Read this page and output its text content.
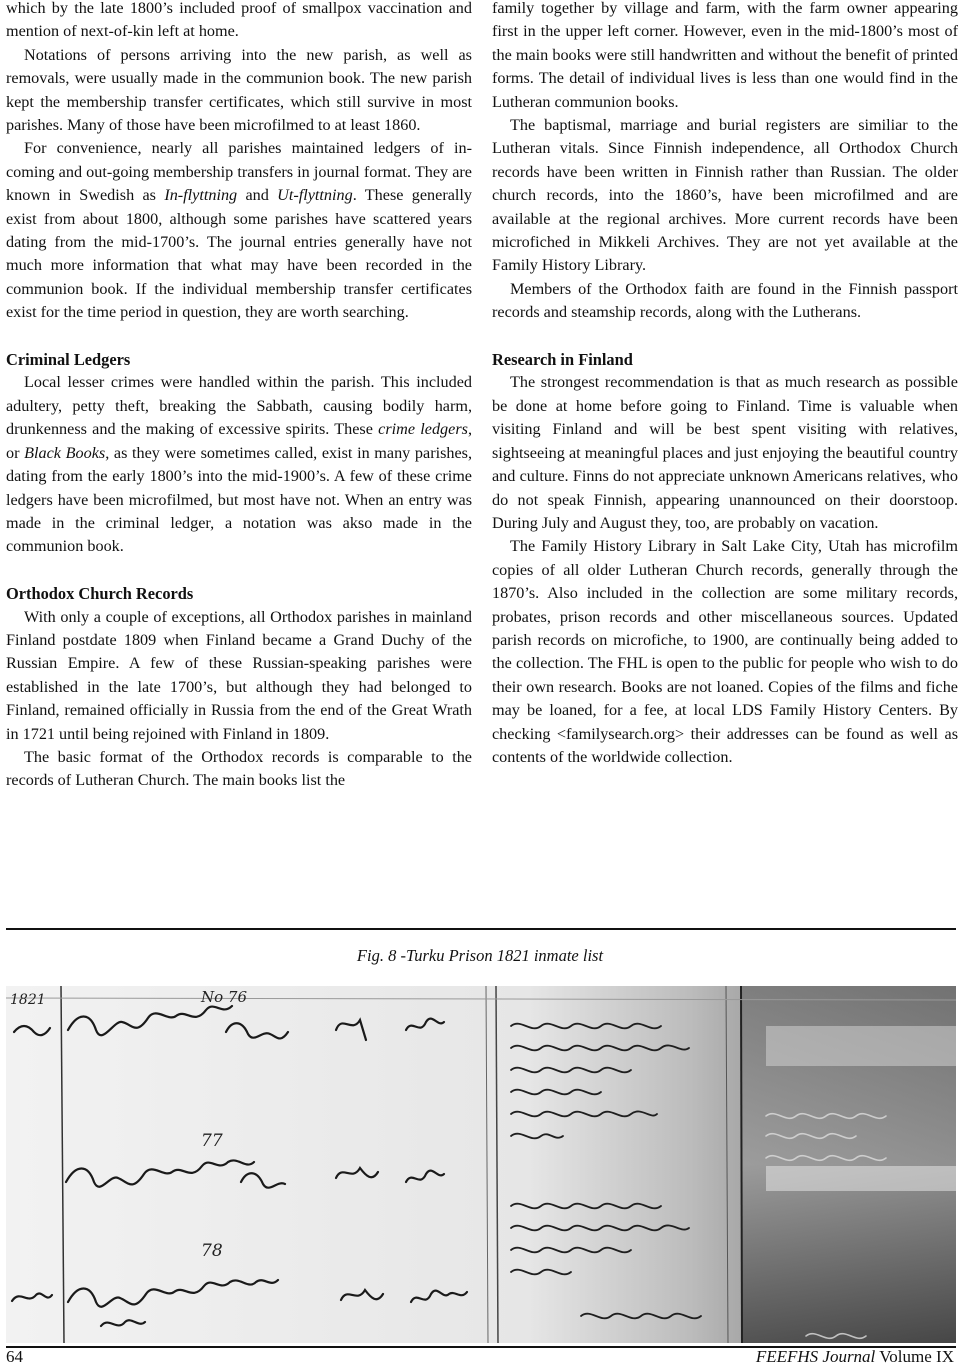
which by the late 1800’s included proof of smallpox vaccination and mention of next-of-kin left at home.

Notations of persons arriving into the new parish, as well as removals, were usually made in the communion book. The new parish kept the membership transfer certificates, which still survive in most parishes. Many of those have been microfilmed to at least 1860.

For convenience, nearly all parishes maintained ledgers of in-coming and out-going membership transfers in journal format. They are known in Swedish as In-flyttning and Ut-flyttning. These generally exist from about 1800, although some parishes have scattered years dating from the mid-1700’s. The journal entries generally have not much more information that what may have been recorded in the communion book. If the individual membership transfer certificates exist for the time period in question, they are worth searching.

Criminal Ledgers

Local lesser crimes were handled within the parish. This included adultery, petty theft, breaking the Sabbath, causing bodily harm, drunkenness and the making of excessive spirits. These crime ledgers, or Black Books, as they were sometimes called, exist in many parishes, dating from the early 1800’s into the mid-1900’s. A few of these crime ledgers have been microfilmed, but most have not. When an entry was made in the criminal ledger, a notation was akso made in the communion book.

Orthodox Church Records

With only a couple of exceptions, all Orthodox parishes in mainland Finland postdate 1809 when Finland became a Grand Duchy of the Russian Empire. A few of these Russian-speaking parishes were established in the late 1700’s, but although they had belonged to Finland, remained officially in Russia from the end of the Great Wrath in 1721 until being rejoined with Finland in 1809.

The basic format of the Orthodox records is comparable to the records of Lutheran Church. The main books list the

family together by village and farm, with the farm owner appearing first in the upper left corner. However, even in the mid-1800’s most of the main books were still handwritten and without the benefit of printed forms. The detail of individual lives is less than one would find in the Lutheran communion books.

The baptismal, marriage and burial registers are similiar to the Lutheran vitals. Since Finnish independence, all Orthodox Church records have been written in Finnish rather than Russian. The older church records, into the 1860’s, have been microfilmed and are available at the regional archives. More current records have been microfiched in Mikkeli Archives. They are not yet available at the Family History Library.

Members of the Orthodox faith are found in the Finnish passport records and steamship records, along with the Lutherans.

Research in Finland

The strongest recommendation is that as much research as possible be done at home before going to Finland. Time is valuable when visiting Finland and will be best spent visiting with relatives, sightseeing at meaningful places and just enjoying the beautiful country and culture. Finns do not appreciate unknown Americans relatives, who do not speak Finnish, appearing unannounced on their doorstoop. During July and August they, too, are probably on vacation.

The Family History Library in Salt Lake City, Utah has microfilm copies of all older Lutheran Church records, generally through the 1870’s. Also included in the collection are some military records, probates, prison records and other miscellaneous sources. Updated parish records on microfiche, to 1900, are continually being added to the collection. The FHL is open to the public for people who wish to do their own research. Books are not loaned. Copies of the films and fiche may be loaned, for a fee, at local LDS Family History Centers. By checking <familysearch.org> their addresses can be found as well as contents of the worldwide collection.

Fig. 8 -Turku Prison 1821 inmate list
1821	No 76
77
78
64	FEEFHS Journal Volume IX
